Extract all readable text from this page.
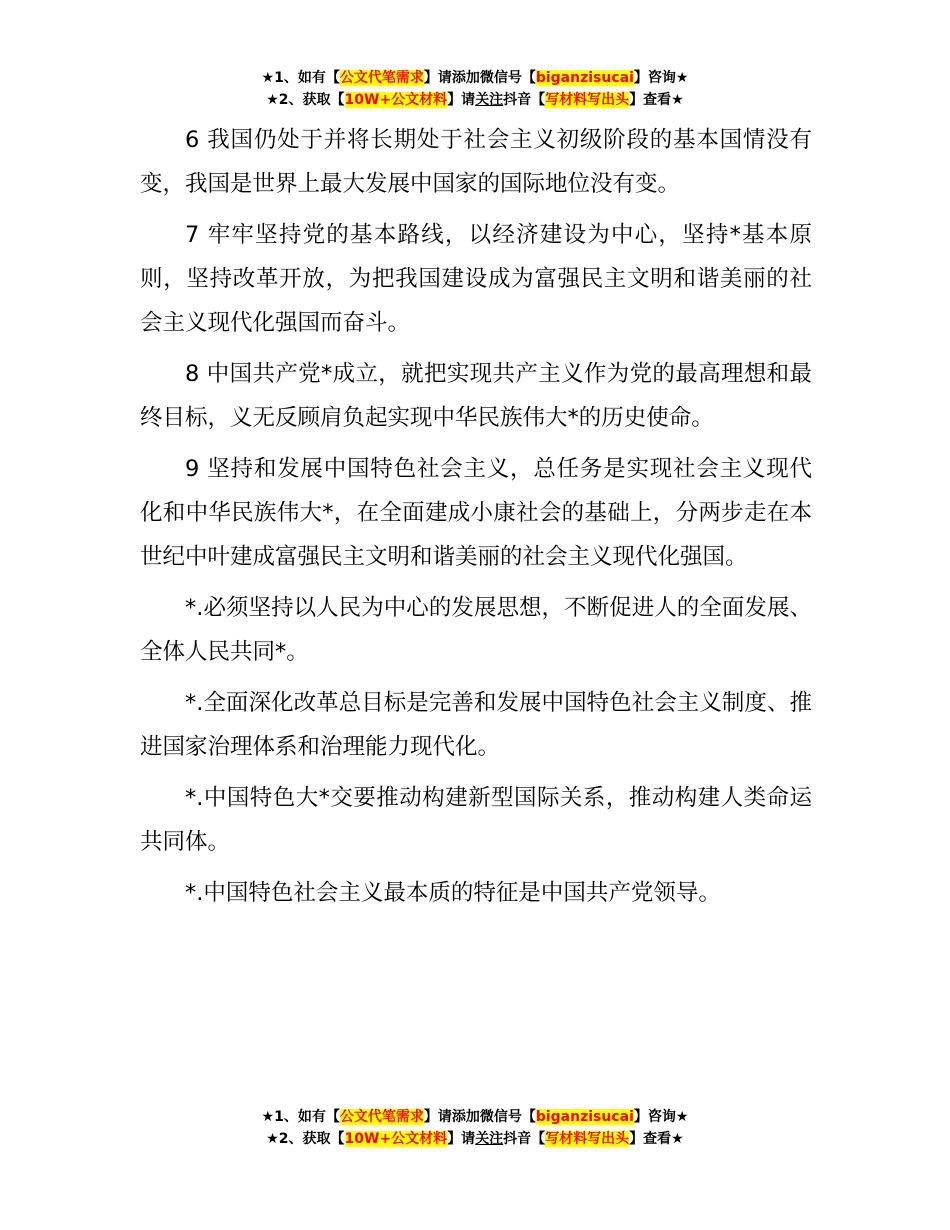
★1、如有【公文代笔需求】请添加微信号【biganzisucai】咨询★
★2、获取【10W+公文材料】请关注抖音【写材料写出头】查看★

6 我国仍处于并将长期处于社会主义初级阶段的基本国情没有变，我国是世界上最大发展中国家的国际地位没有变。

7 牢牢坚持党的基本路线，以经济建设为中心，坚持*基本原则，坚持改革开放，为把我国建设成为富强民主文明和谐美丽的社会主义现代化强国而奋斗。

8 中国共产党*成立，就把实现共产主义作为党的最高理想和最终目标，义无反顾肩负起实现中华民族伟大*的历史使命。

9 坚持和发展中国特色社会主义，总任务是实现社会主义现代化和中华民族伟大*，在全面建成小康社会的基础上，分两步走在本世纪中叶建成富强民主文明和谐美丽的社会主义现代化强国。

*.必须坚持以人民为中心的发展思想，不断促进人的全面发展、全体人民共同*。

*.全面深化改革总目标是完善和发展中国特色社会主义制度、推进国家治理体系和治理能力现代化。

*.中国特色大*交要推动构建新型国际关系，推动构建人类命运共同体。

*.中国特色社会主义最本质的特征是中国共产党领导。

★1、如有【公文代笔需求】请添加微信号【biganzisucai】咨询★
★2、获取【10W+公文材料】请关注抖音【写材料写出头】查看★
